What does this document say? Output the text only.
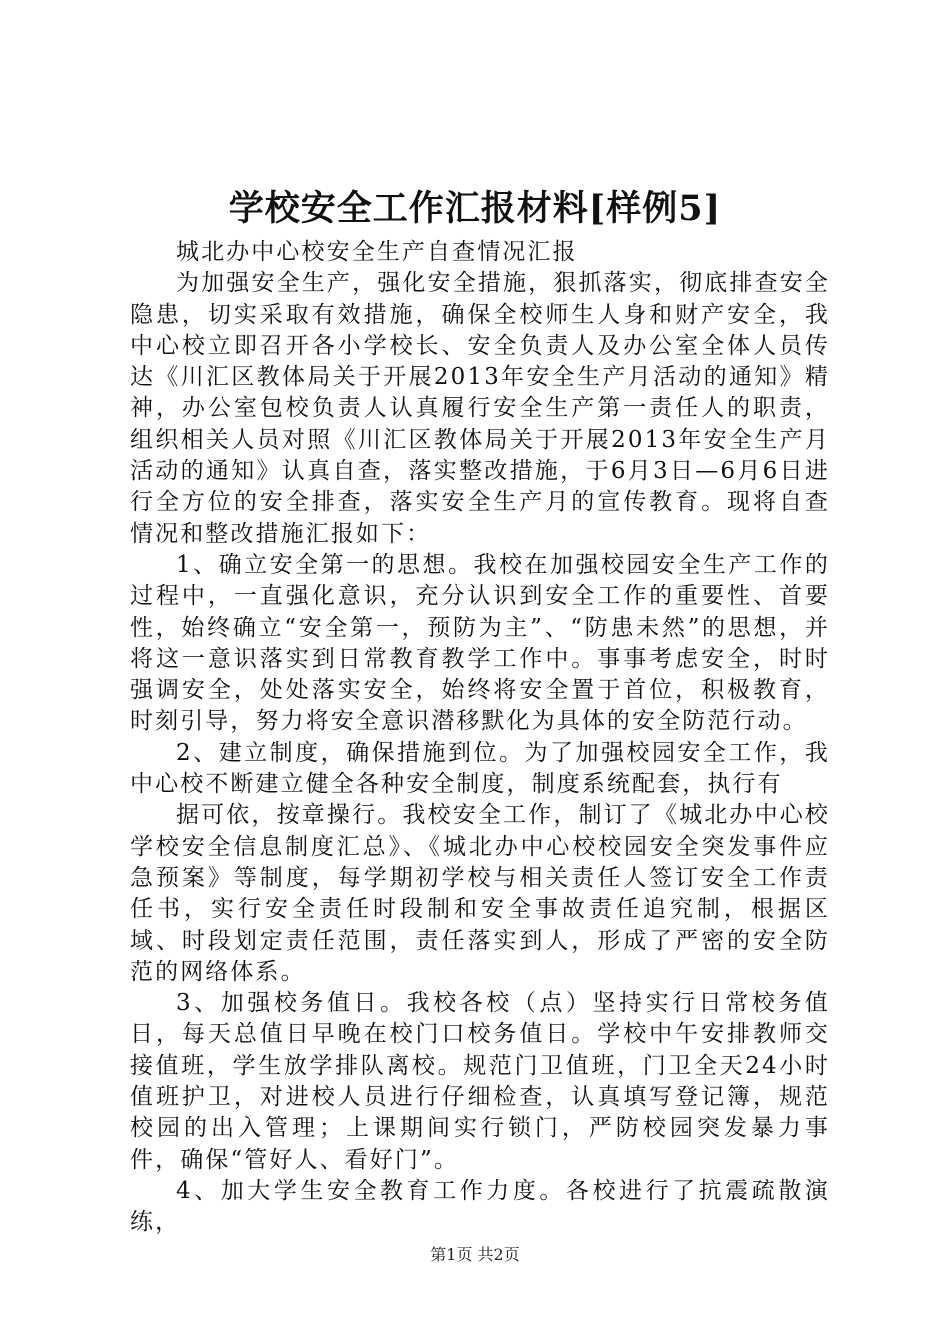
学校安全工作汇报材料[样例5]

城北办中心校安全生产自查情况汇报

为加强安全生产，强化安全措施，狠抓落实，彻底排查安全隐患，切实采取有效措施，确保全校师生人身和财产安全，我中心校立即召开各小学校长、安全负责人及办公室全体人员传达《川汇区教体局关于开展2013年安全生产月活动的通知》精神，办公室包校负责人认真履行安全生产第一责任人的职责，组织相关人员对照《川汇区教体局关于开展2013年安全生产月活动的通知》认真自查，落实整改措施，于6月3日—6月6日进行全方位的安全排查，落实安全生产月的宣传教育。现将自查情况和整改措施汇报如下：

1、确立安全第一的思想。我校在加强校园安全生产工作的过程中，一直强化意识，充分认识到安全工作的重要性、首要性，始终确立“安全第一，预防为主”、“防患未然”的思想，并将这一意识落实到日常教育教学工作中。事事考虑安全，时时强调安全，处处落实安全，始终将安全置于首位，积极教育，时刻引导，努力将安全意识潜移默化为具体的安全防范行动。

2、建立制度，确保措施到位。为了加强校园安全工作，我中心校不断建立健全各种安全制度，制度系统配套，执行有

据可依，按章操行。我校安全工作，制订了《城北办中心校学校安全信息制度汇总》、《城北办中心校校园安全突发事件应急预案》等制度，每学期初学校与相关责任人签订安全工作责任书，实行安全责任时段制和安全事故责任追究制，根据区域、时段划定责任范围，责任落实到人，形成了严密的安全防范的网络体系。

3、加强校务值日。我校各校（点）坚持实行日常校务值日，每天总值日早晚在校门口校务值日。学校中午安排教师交接值班，学生放学排队离校。规范门卫值班，门卫全天24小时值班护卫，对进校人员进行仔细检查，认真填写登记簿，规范校园的出入管理；上课期间实行锁门，严防校园突发暴力事件，确保“管好人、看好门”。

4、加大学生安全教育工作力度。各校进行了抗震疏散演练，

第1页 共2页
